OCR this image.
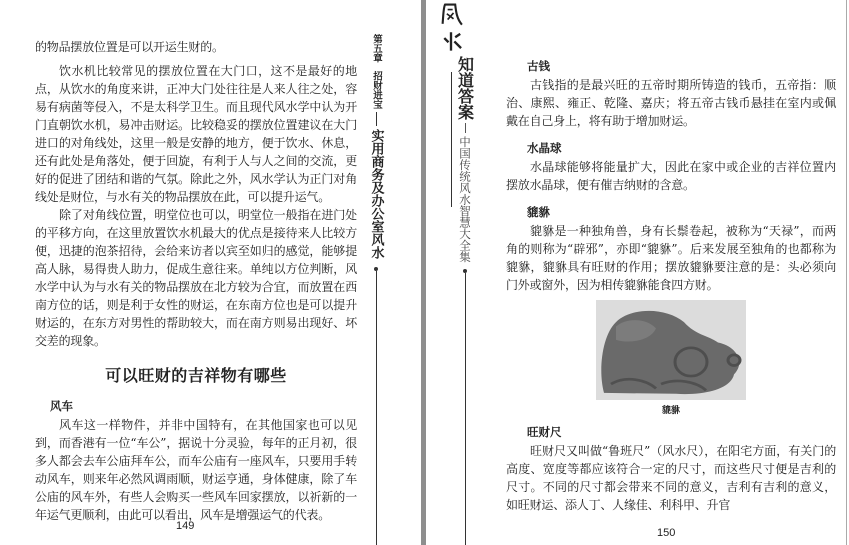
的物品摆放位置是可以开运生财的。

饮水机比较常见的摆放位置在大门口，这不是最好的地点，从饮水的角度来讲，正冲大门处往往是人来人往之处，容易有病菌等侵入，不是太科学卫生。而且现代风水学中认为开门直朝饮水机，易冲击财运。比较稳妥的摆放位置建议在大门进口的对角线处，这里一般是安静的地方，便于饮水、休息，还有此处是角落处，便于回旋，有利于人与人之间的交流，更好的促进了团结和谐的气氛。除此之外，风水学认为正门对角线处是财位，与水有关的物品摆放在此，可以提升运气。

除了对角线位置，明堂位也可以，明堂位一般指在进门处的平移方向，在这里放置饮水机最大的优点是接待来人比较方便，迅捷的泡茶招待，会给来访者以宾至如归的感觉，能够提高人脉，易得贵人助力，促成生意往来。单纯以方位判断，风水学中认为与水有关的物品摆放在北方较为合宜，而放置在西南方位的话，则是利于女性的财运，在东南方位也是可以提升财运的，在东方对男性的帮助较大，而在南方则易出现好、坏交差的现象。

可以旺财的吉祥物有哪些
风车

风车这一样物件，并非中国特有，在其他国家也可以见到，而香港有一位“车公”，据说十分灵验，每年的正月初，很多人都会去车公庙拜车公，而车公庙有一座风车，只要用手转动风车，则来年必然风调雨顺，财运亨通，身体健康，除了车公庙的风车外，有些人会购买一些风车回家摆放，以祈新的一年运气更顺利，由此可以看出，风车是增强运气的代表。

149
第五章
招财进宝
实用商务及办公室风水
知道答案
中国传统风水智慧大全集
古钱

古钱指的是最兴旺的五帝时期所铸造的钱币，五帝指：顺治、康熙、雍正、乾隆、嘉庆；将五帝古钱币悬挂在室内或佩戴在自己身上，将有助于增加财运。

水晶球

水晶球能够将能量扩大，因此在家中或企业的吉祥位置内摆放水晶球，便有催吉纳财的含意。

貔貅

貔貅是一种独角兽，身有长鬃卷起，被称为“天禄”，而两角的则称为“辟邪”，亦即“貔貅”。后来发展至独角的也都称为貔貅，貔貅具有旺财的作用；摆放貔貅要注意的是：头必须向门外或窗外，因为相传貔貅能食四方财。

貔貅
旺财尺

旺财尺又叫做“鲁班尺”（风水尺），在阳宅方面，有关门的高度、宽度等都应该符合一定的尺寸，而这些尺寸便是吉利的尺寸。不同的尺寸都会带来不同的意义，吉利有吉利的意义，如旺财运、添人丁、人缘佳、利科甲、升官

150
